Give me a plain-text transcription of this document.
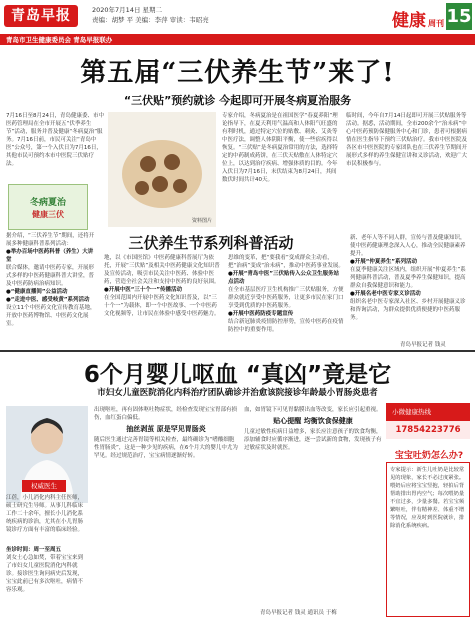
青岛早报	2020年7月14日 星期二
责编：胡梦 平 美编：李萍 审读：韦昭亮	健康 周刊 15
青岛市卫生健康委员会 青岛早报联办
第五届“三伏养生节”来了!
“三伏贴”预约就诊 今起即可开展冬病夏治服务
7月16日至8月24日，青岛健康委、市中医药管理局在全市开展五“伏季养生节”活动，服务并普及健康“冬病夏治”服务。7月16日前，市民可关注“青岛中医”公众号，第一个入伏日为7月16日，其他市民可预约本市中医院三伏贴疗法。
冬病夏治
健康三伏
资料图片
专家介绍，冬病夏治是在祖国医学“春夏养阳”理论指导下，在夏天利用气温高和人体阳气旺盛的有利时机，通过特定穴位的贴敷、刺灸、艾灸等中医疗法，调整人体阴阳平衡，使一些宿疾得以恢复。“三伏贴”是冬病夏治常用的方法，选择特定的中药制成药饼，在三伏天贴敷在人体特定穴位上，以达到治疗疾病、增强体质的目的。今年入伏日为7月16日，末伏结束为8月24日，其间数伏时间共计40天。
临时间，今年自7月14日起即可开展三伏贴服务等活动。据悉，活动期间，全市200余个“治未病”中心中医药预防保健服务中心和门诊，患者可根据病情在医生指导下预约三伏贴治疗。我市中医医院及各区市中医医院的专家团队也在三伏养生节期间开展形式多样的养生保健宣讲和义诊活动，欢迎广大市民积极参与。
三伏养生节系列科普活动
据介绍，“三伏养生节”期间，还将开展多种健康科普系列活动：
●举办百场中医药科普（养生）大讲堂
联合媒体，邀请中医药专家，开展形式多样的中医药健康科普大讲堂，普及中医药防病治病知识。
●“健康直播间”公益活动
●“走进中医、感受岐黄”系列活动
设立11个中医药文化宣传教育基地，开放中医药博物馆、中医药文化展室。
地，以《市国医馆》中医药健康科普展厅为依托，开展“三伏贴”及相关中医药健康文化知识普及宣传活动，吸引市民关注中医药、体验中医药，营造全社会关注和支持中医药的良好氛围。
●开展中医“三十个一”传播活动
在全国范围内开展中医药文化知识普及，以“三十个一”为载体，即一个中医故事、一个中医药文化视频等，让市民在体验中感受中医药魅力。
思维的变革，把“要我看”变成群众主动看，把“治病”变成“治未病”，推动中医药事业发展。
●开展“青岛中医”三伏贴传入公众卫生服务站点活动
在全市基层医疗卫生机构推广三伏贴服务，方便群众就近享受中医药服务，让更多市民在家门口享受到优质的中医药服务。
●开展中医药防疫专题宣传
结合新冠肺炎疫情防控形势，宣传中医药在疫情防控中的重要作用。
新、老年人等不同人群，宣传与普及健康知识，使中医药健康理念深入人心，推动全民健康素养提升。
●开展“仲夏养生”系列活动
在夏季健康关注区域内，组织开展“仲夏养生”系列健康科普活动，普及夏季养生保健知识，提高群众自我保健意识和能力。
●开展名老中医专家义诊活动
组织名老中医专家深入社区、乡村开展健康义诊和咨询活动，为群众提供优质便捷的中医药服务。
青岛早报记者 钱灵
6个月婴儿呕血 “真凶”竟是它
市妇女儿童医院消化内科治疗团队确诊并治愈该院接诊年龄最小胃肠炎患者
权威医生
江蓓，小儿消化内科主任医师，硕士研究生导师。从事儿科临床工作二十余年，擅长小儿消化系统疾病的诊治，尤其在小儿胃肠镜诊疗方面有丰富的临床经验。
坐诊时间：周一至周五
刘女士心急如焚，带着宝宝来到了市妇女儿童医院消化内科就诊。接诊医生询问病史后发现，宝宝此前已有多次呕吐，病情不容乐观。
出现呕吐，再有固体呕吐物症状，经检查发现宝宝胃部有损伤，血红蛋白偏低。
抽丝剥茧 原是罕见胃肠炎
随后医生通过完善胃镜等相关检查，最终确诊为“嗜酸细胞性胃肠炎”，这是一种少见的疾病，在6个月大的婴儿中尤为罕见。经过规范治疗，宝宝病情逐渐好转。
血，如胃镜下可见胃黏膜出血等改变，家长应引起重视。
贴心提醒 均衡饮食保健康
儿童过敏性疾病日益增多，家长应注意孩子的饮食均衡，添加辅食时应循序渐进，逐一尝试新的食物，发现孩子有过敏症状及时就医。
青岛早报记者 钱灵 通讯员 于梅
小微健康热线
17854223776
宝宝吐奶怎么办?
专家提示：新生儿吐奶是比较常见的现象，家长不必过度紧张。喂奶后应将宝宝竖抱，轻拍后背帮助排出胃内空气；每次喂奶量不宜过多，少量多餐。若宝宝频繁呕吐，伴有精神差、体重不增等情况，应及时到医院就诊，排除消化系统疾病。
